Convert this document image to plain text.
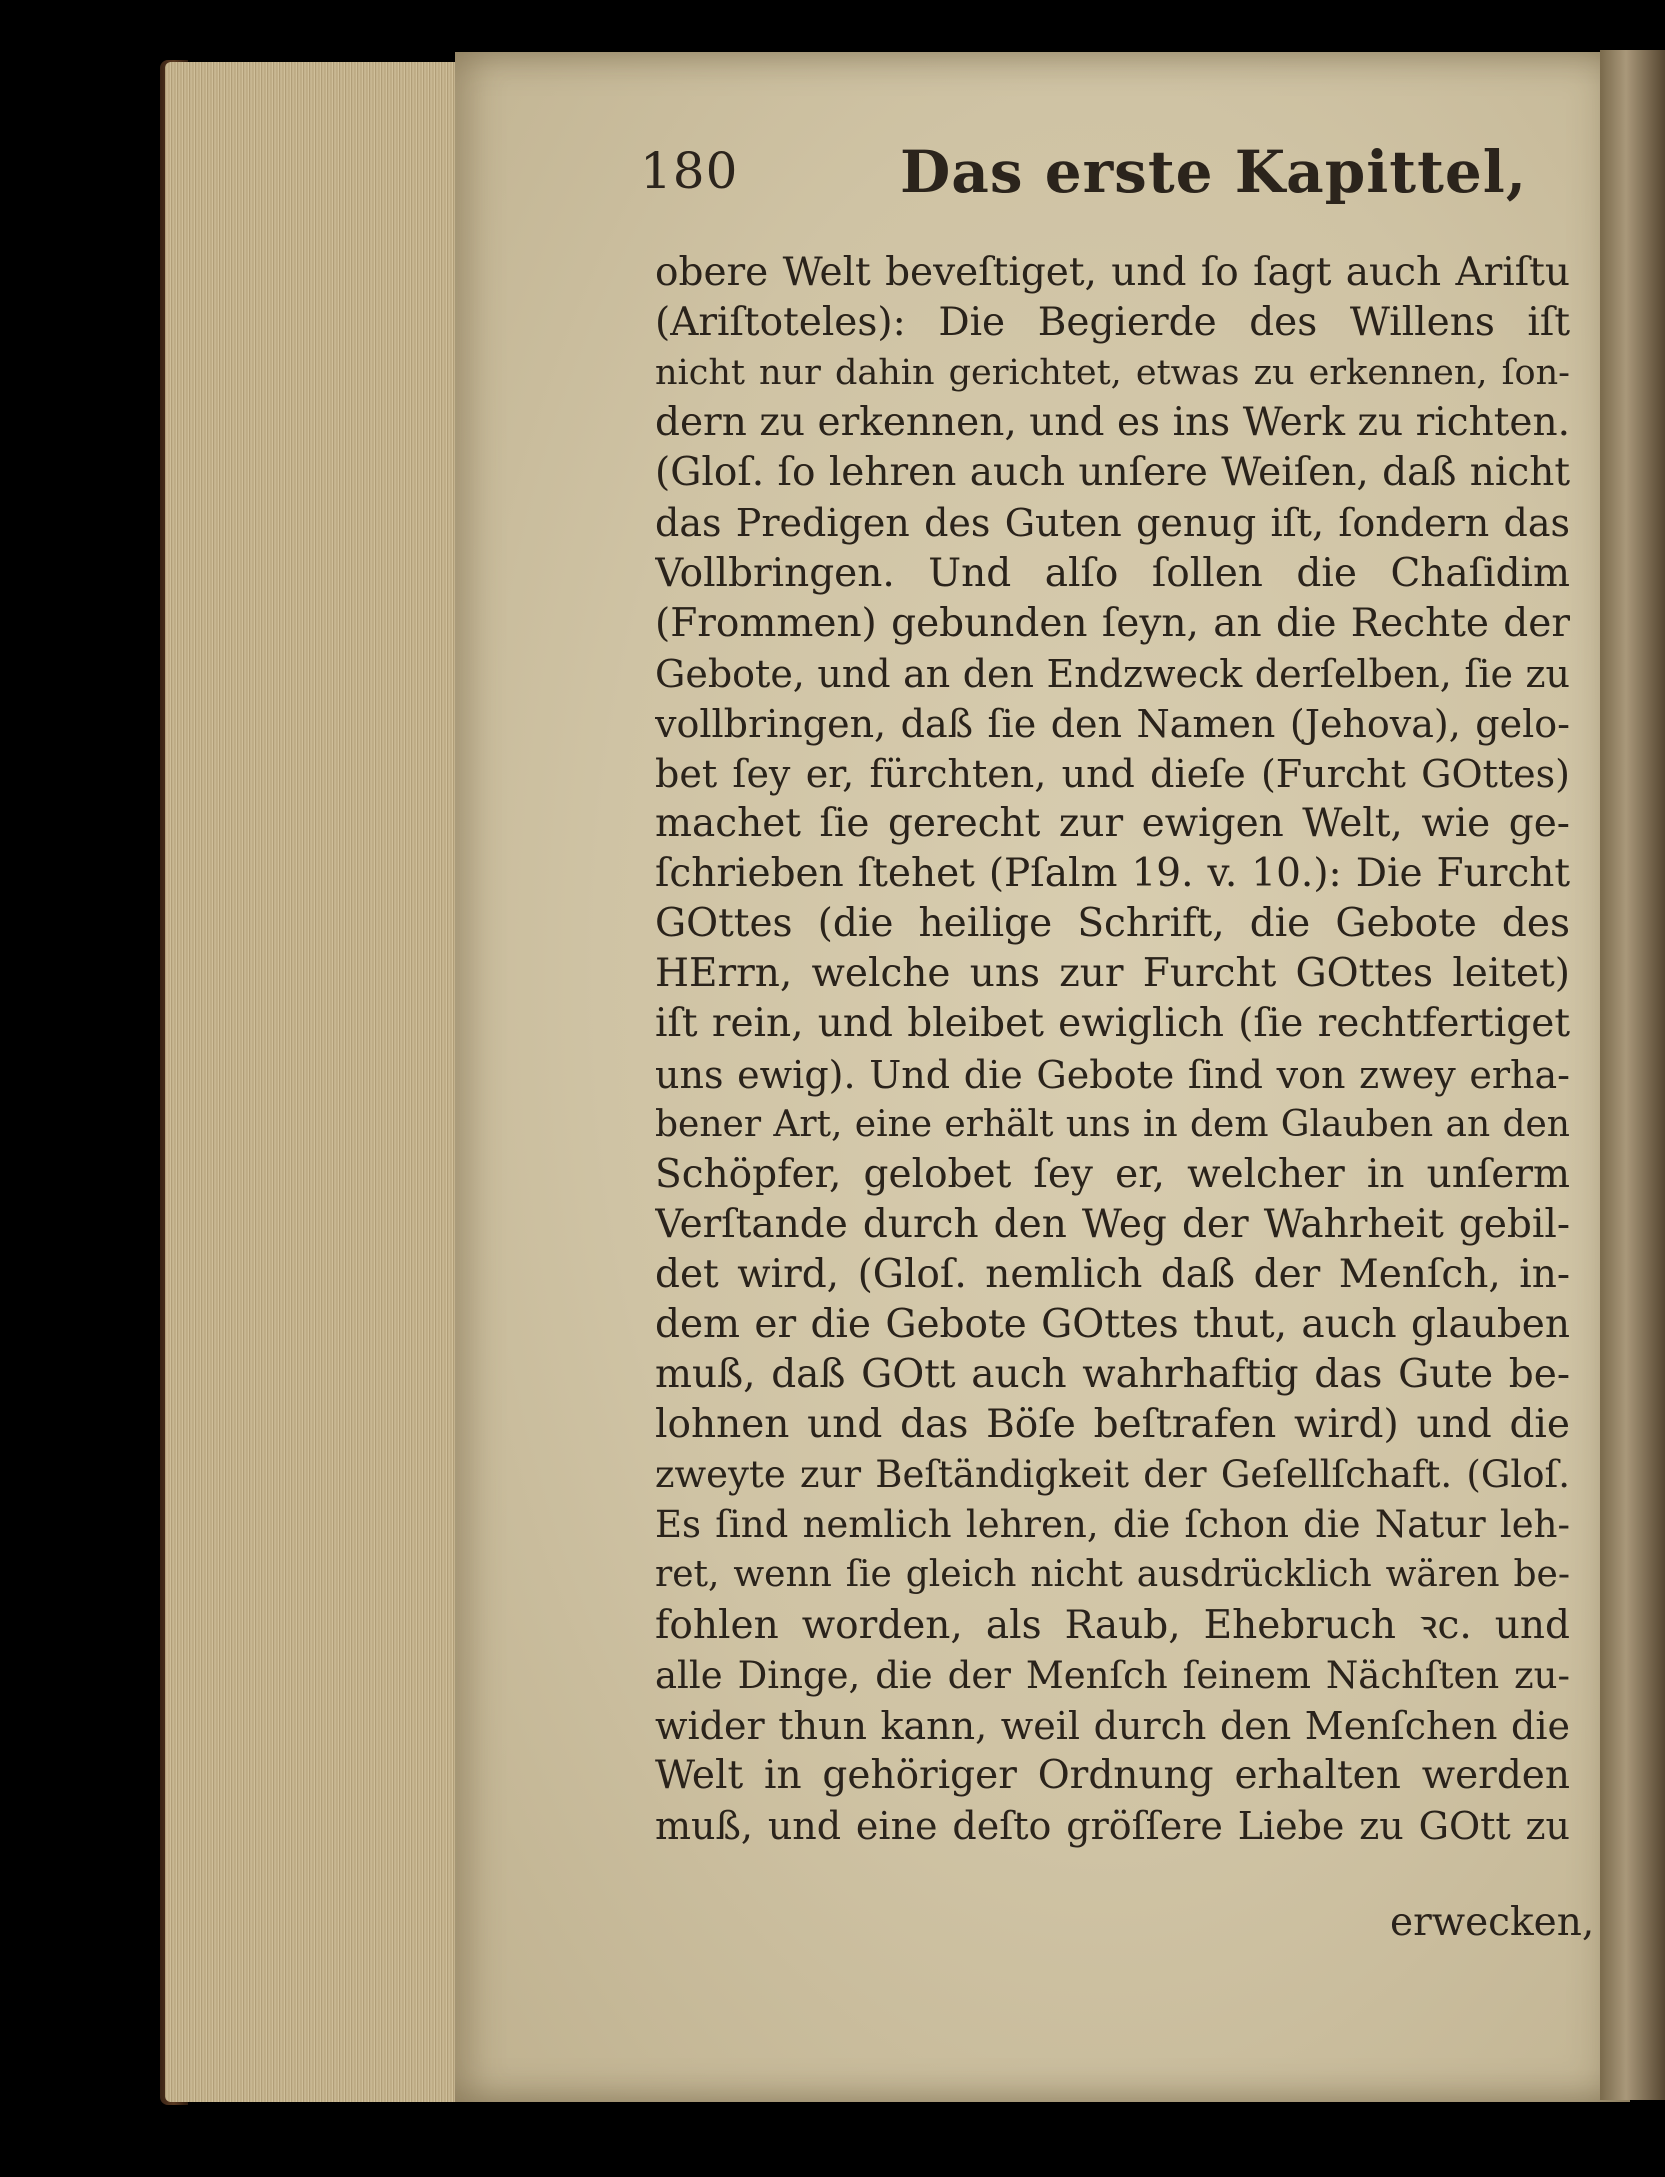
180	Das erste Kapittel,
obere Welt beveſtiget, und ſo ſagt auch Ariſtu
(Ariſtoteles): Die Begierde des Willens iſt
nicht nur dahin gerichtet, etwas zu erkennen, ſon-
dern zu erkennen, und es ins Werk zu richten.
(Gloſ. ſo lehren auch unſere Weiſen, daß nicht
das Predigen des Guten genug iſt, ſondern das
Vollbringen. Und alſo ſollen die Chaſidim
(Frommen) gebunden ſeyn, an die Rechte der
Gebote, und an den Endzweck derſelben, ſie zu
vollbringen, daß ſie den Namen (Jehova), gelo-
bet ſey er, fürchten, und dieſe (Furcht GOttes)
machet ſie gerecht zur ewigen Welt, wie ge-
ſchrieben ſtehet (Pſalm 19. v. 10.): Die Furcht
GOttes (die heilige Schrift, die Gebote des
HErrn, welche uns zur Furcht GOttes leitet)
iſt rein, und bleibet ewiglich (ſie rechtfertiget
uns ewig). Und die Gebote ſind von zwey erha-
bener Art, eine erhält uns in dem Glauben an den
Schöpfer, gelobet ſey er, welcher in unſerm
Verſtande durch den Weg der Wahrheit gebil-
det wird, (Gloſ. nemlich daß der Menſch, in-
dem er die Gebote GOttes thut, auch glauben
muß, daß GOtt auch wahrhaftig das Gute be-
lohnen und das Böſe beſtrafen wird) und die
zweyte zur Beſtändigkeit der Geſellſchaft. (Gloſ.
Es ſind nemlich lehren, die ſchon die Natur leh-
ret, wenn ſie gleich nicht ausdrücklich wären be-
fohlen worden, als Raub, Ehebruch ꝛc. und
alle Dinge, die der Menſch ſeinem Nächſten zu-
wider thun kann, weil durch den Menſchen die
Welt in gehöriger Ordnung erhalten werden
muß, und eine deſto gröſſere Liebe zu GOtt zu
erwecken,
